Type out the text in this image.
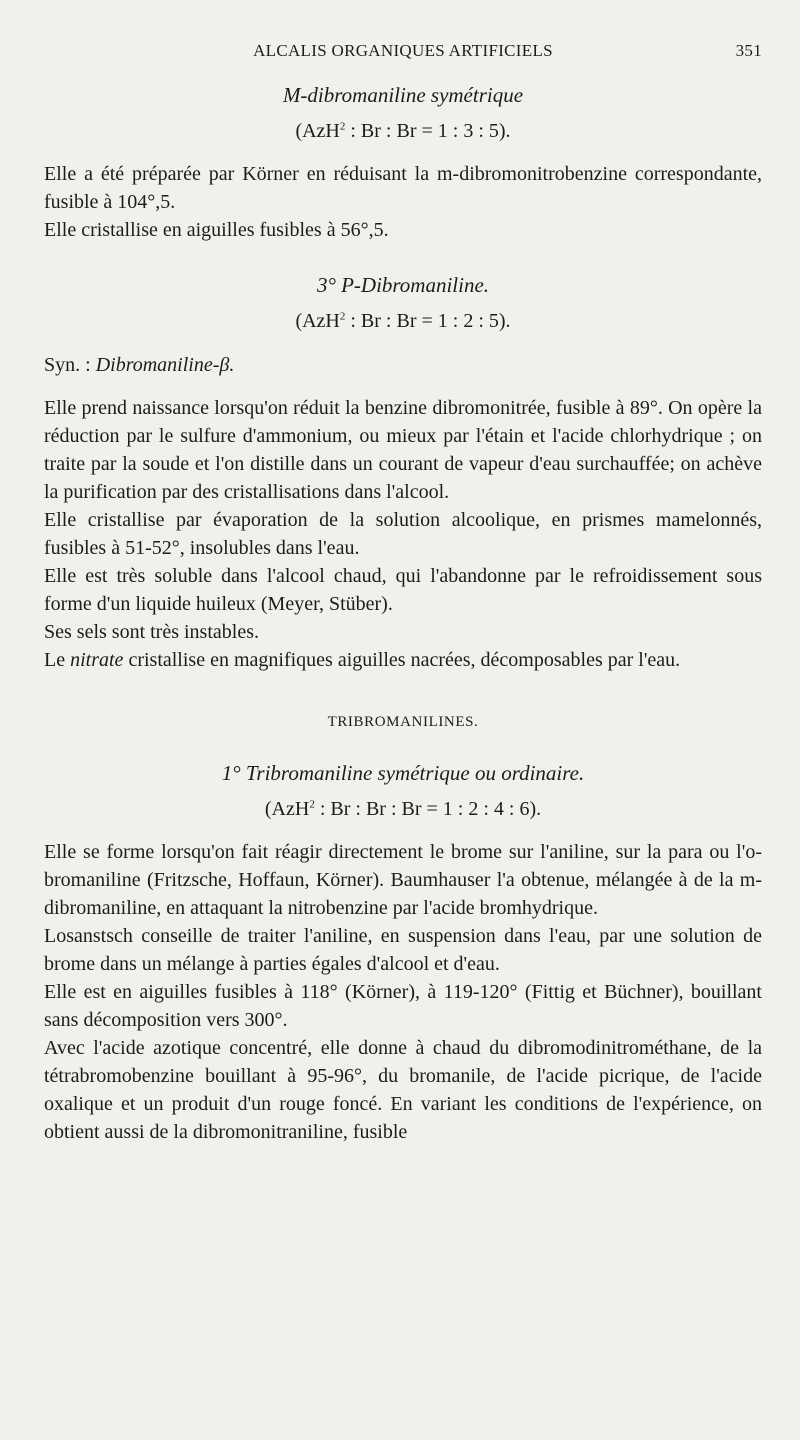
ALCALIS ORGANIQUES ARTIFICIELS	351
M-dibromaniline symétrique
(AzH$^2$ : Br : Br = 1 : 3 : 5).

Elle a été préparée par Körner en réduisant la m-dibromonitrobenzine correspondante, fusible à 104°,5.

Elle cristallise en aiguilles fusibles à 56°,5.

3° P-Dibromaniline.
(AzH$^2$ : Br : Br = 1 : 2 : 5).
Syn. : Dibromaniline-β.

Elle prend naissance lorsqu'on réduit la benzine dibromonitrée, fusible à 89°. On opère la réduction par le sulfure d'ammonium, ou mieux par l'étain et l'acide chlorhydrique ; on traite par la soude et l'on distille dans un courant de vapeur d'eau surchauffée; on achève la purification par des cristallisations dans l'alcool.

Elle cristallise par évaporation de la solution alcoolique, en prismes mamelonnés, fusibles à 51-52°, insolubles dans l'eau.

Elle est très soluble dans l'alcool chaud, qui l'abandonne par le refroidissement sous forme d'un liquide huileux (Meyer, Stüber).

Ses sels sont très instables.

Le nitrate cristallise en magnifiques aiguilles nacrées, décomposables par l'eau.

TRIBROMANILINES.
1° Tribromaniline symétrique ou ordinaire.
(AzH$^2$ : Br : Br : Br = 1 : 2 : 4 : 6).

Elle se forme lorsqu'on fait réagir directement le brome sur l'aniline, sur la para ou l'o-bromaniline (Fritzsche, Hoffaun, Körner). Baumhauser l'a obtenue, mélangée à de la m-dibromaniline, en attaquant la nitrobenzine par l'acide bromhydrique.

Losanstsch conseille de traiter l'aniline, en suspension dans l'eau, par une solution de brome dans un mélange à parties égales d'alcool et d'eau.

Elle est en aiguilles fusibles à 118° (Körner), à 119-120° (Fittig et Büchner), bouillant sans décomposition vers 300°.

Avec l'acide azotique concentré, elle donne à chaud du dibromodinitrométhane, de la tétrabromobenzine bouillant à 95-96°, du bromanile, de l'acide picrique, de l'acide oxalique et un produit d'un rouge foncé. En variant les conditions de l'expérience, on obtient aussi de la dibromonitraniline, fusible
